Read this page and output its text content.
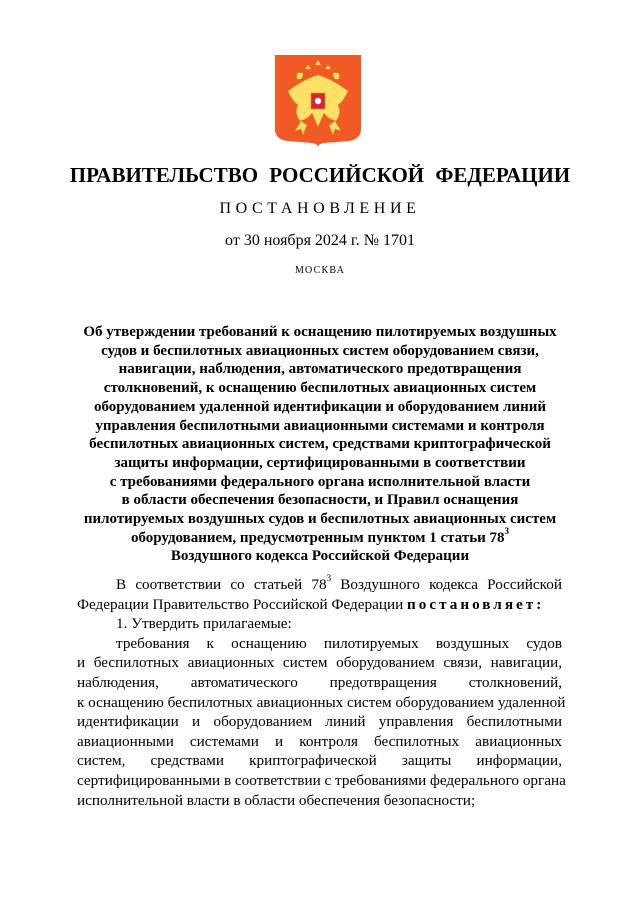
ПРАВИТЕЛЬСТВО РОССИЙСКОЙ ФЕДЕРАЦИИ
ПОСТАНОВЛЕНИЕ
от 30 ноября 2024 г. № 1701
МОСКВА
Об утверждении требований к оснащению пилотируемых воздушных
судов и беспилотных авиационных систем оборудованием связи,
навигации, наблюдения, автоматического предотвращения
столкновений, к оснащению беспилотных авиационных систем
оборудованием удаленной идентификации и оборудованием линий
управления беспилотными авиационными системами и контроля
беспилотных авиационных систем, средствами криптографической
защиты информации, сертифицированными в соответствии
с требованиями федерального органа исполнительной власти
в области обеспечения безопасности, и Правил оснащения
пилотируемых воздушных судов и беспилотных авиационных систем
оборудованием, предусмотренным пунктом 1 статьи $78^3$
Воздушного кодекса Российской Федерации
В соответствии со статьей $78^3$ Воздушного кодекса Российской
Федерации Правительство Российской Федерации постановляет:
1. Утвердить прилагаемые:
требования к оснащению пилотируемых воздушных судов
и беспилотных авиационных систем оборудованием связи, навигации,
наблюдения, автоматического предотвращения столкновений,
к оснащению беспилотных авиационных систем оборудованием удаленной
идентификации и оборудованием линий управления беспилотными
авиационными системами и контроля беспилотных авиационных
систем, средствами криптографической защиты информации,
сертифицированными в соответствии с требованиями федерального органа
исполнительной власти в области обеспечения безопасности;
